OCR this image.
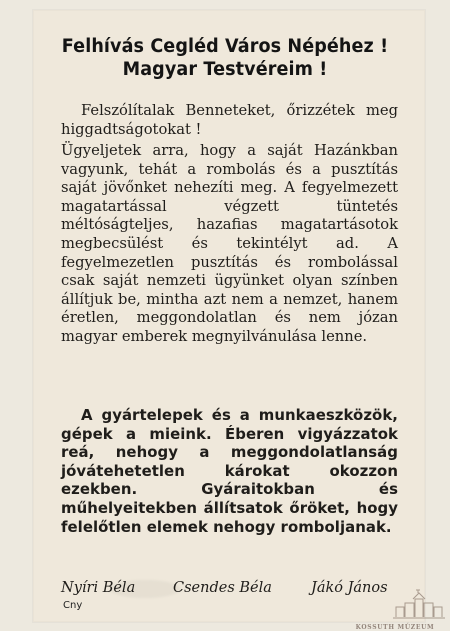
Felhívás Cegléd Város Népéhez !
Magyar Testvéreim !
Felszólítalak Benneteket, őrizzétek meg higgadtságotokat !
Ügyeljetek arra, hogy a saját Hazánkban vagyunk, tehát a rombolás és a pusztítás saját jövőnket nehezíti meg. A fegyelmezett magatartással végzett tüntetés méltóságteljes, hazafias magatartásotok megbecsülést és tekintélyt ad. A fegyelmezetlen pusztítás és rombolással csak saját nemzeti ügyünket olyan színben állítjuk be, mintha azt nem a nemzet, hanem éretlen, meggondolatlan és nem józan magyar emberek megnyilvánulása lenne.
A gyártelepek és a munkaeszközök, gépek a mieink. Éberen vigyázzatok reá, nehogy a meggondolatlanság jóvátehetetlen károkat okozzon ezekben. Gyáraitokban és műhelyeitekben állítsatok őröket, hogy felelőtlen elemek nehogy romboljanak.
Nyíri Béla	Csendes Béla	Jákó János
Cny
KOSSUTH MÚZEUM
